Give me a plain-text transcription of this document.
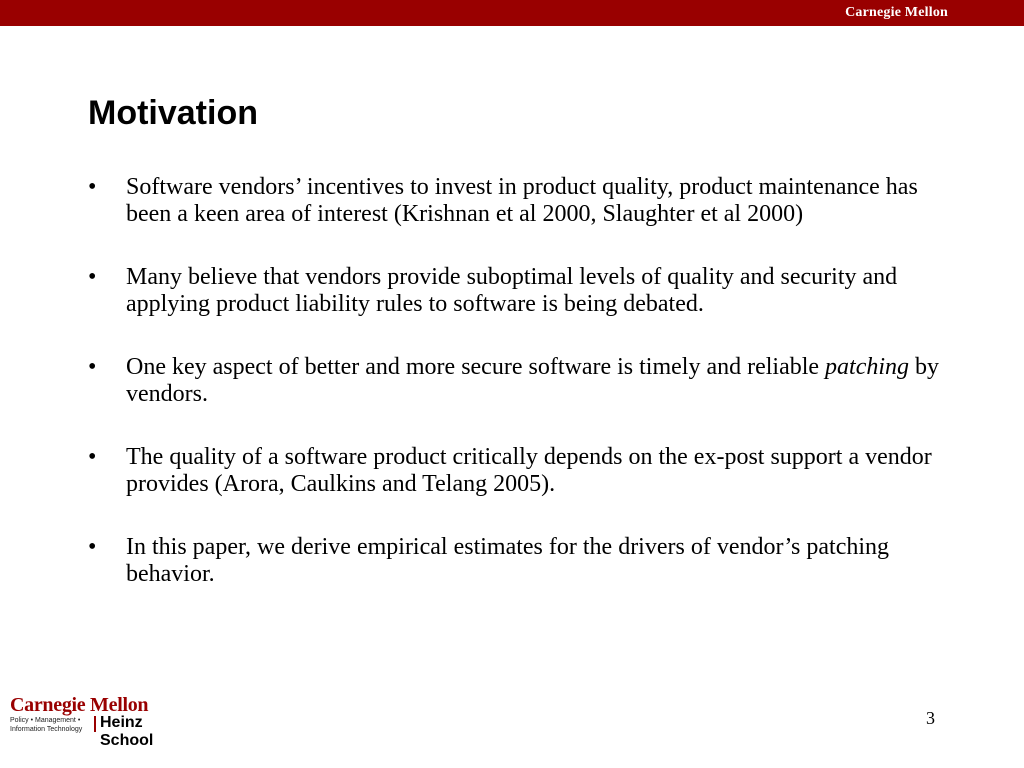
Carnegie Mellon
Motivation
•	Software vendors’ incentives to invest in product quality, product maintenance has been a keen area of interest (Krishnan et al 2000, Slaughter et al 2000)
•	Many believe that vendors provide suboptimal levels of quality and security and applying product liability rules to software is being debated.
•	One key aspect of better and more secure software is timely and reliable patching by vendors.
•	The quality of a software product critically depends on the ex-post support a vendor provides (Arora, Caulkins and Telang 2005).
•	In this paper, we derive empirical estimates for the drivers of vendor’s patching behavior.
Carnegie Mellon
Policy • Management •
Information Technology	Heinz School
3
